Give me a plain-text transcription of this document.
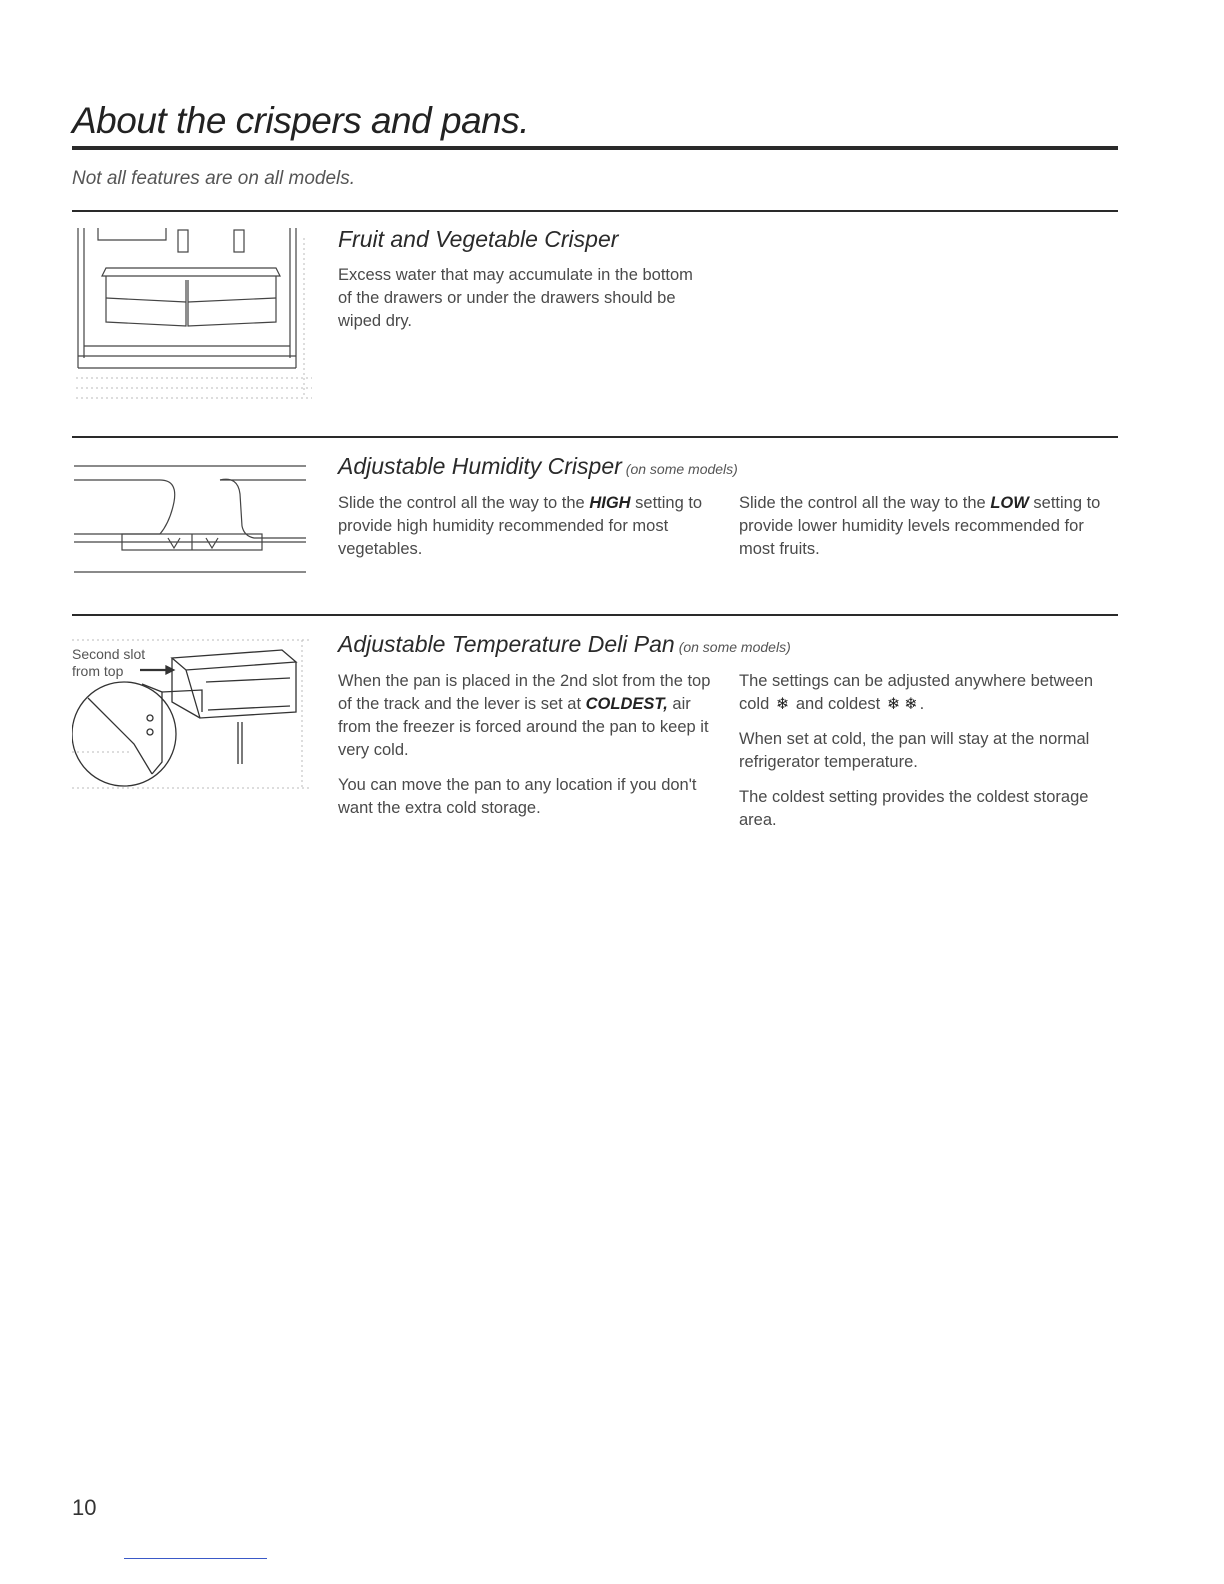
About the crispers and pans.

Not all features are on all models.

Fruit and Vegetable Crisper

Excess water that may accumulate in the bottom of the drawers or under the drawers should be wiped dry.

Adjustable Humidity Crisper (on some models)

Slide the control all the way to the HIGH setting to provide high humidity recommended for most vegetables.

Slide the control all the way to the LOW setting to provide lower humidity levels recommended for most fruits.

Second slot from top
Adjustable Temperature Deli Pan (on some models)

When the pan is placed in the 2nd slot from the top of the track and the lever is set at COLDEST, air from the freezer is forced around the pan to keep it very cold.

You can move the pan to any location if you don't want the extra cold storage.

The settings can be adjusted anywhere between cold ❄ and coldest ❄ ❄ .

When set at cold, the pan will stay at the normal refrigerator temperature.

The coldest setting provides the coldest storage area.

10
